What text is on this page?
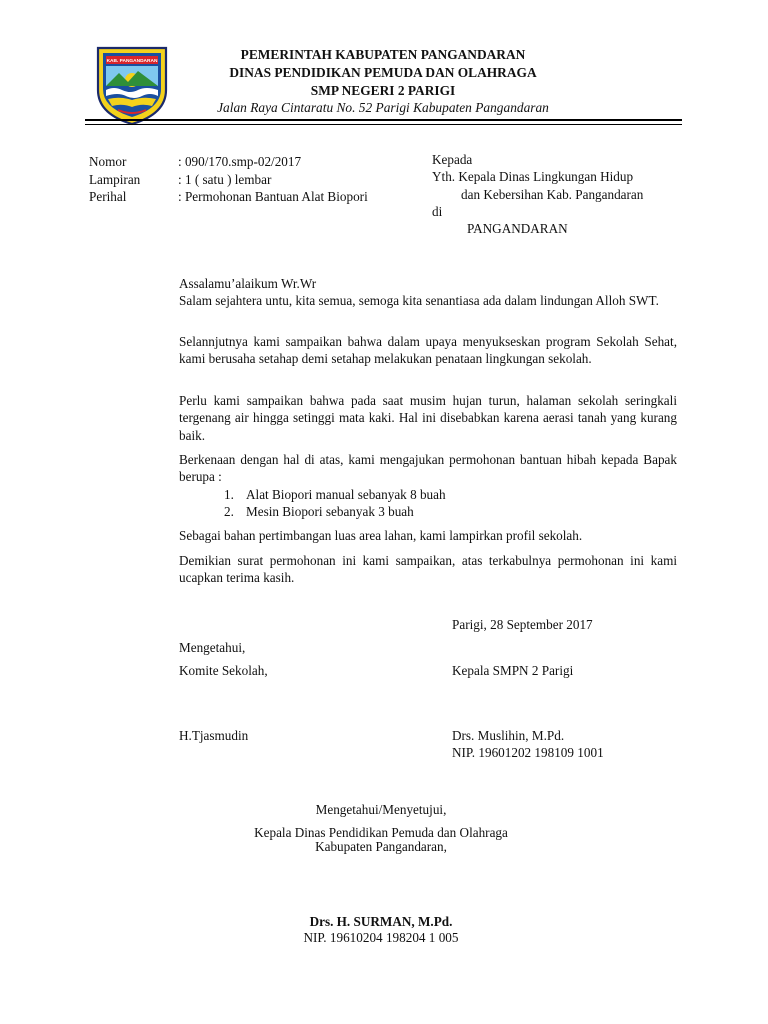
KAB. PANGANDARAN	PEMERINTAH KABUPATEN PANGANDARAN
DINAS PENDIDIKAN PEMUDA DAN OLAHRAGA
SMP NEGERI 2 PARIGI
Jalan Raya Cintaratu No. 52 Parigi Kabupaten Pangandaran
Nomor	: 090/170.smp-02/2017
Lampiran	: 1 ( satu ) lembar
Perihal	: Permohonan Bantuan Alat Biopori
Kepada
Yth. Kepala Dinas Lingkungan Hidup
dan Kebersihan Kab. Pangandaran
di
PANGANDARAN
Assalamu’alaikum Wr.Wr
Salam sejahtera untu, kita semua, semoga kita senantiasa ada dalam lindungan Alloh SWT.
Selannjutnya kami sampaikan bahwa dalam upaya menyukseskan program Sekolah Sehat, kami berusaha setahap demi setahap melakukan penataan lingkungan sekolah.
Perlu kami sampaikan bahwa pada saat musim hujan turun, halaman sekolah seringkali tergenang air hingga setinggi mata kaki. Hal ini disebabkan karena aerasi tanah yang kurang baik.
Berkenaan dengan hal di atas, kami mengajukan permohonan bantuan hibah kepada Bapak berupa :
1. Alat Biopori manual sebanyak 8 buah
2. Mesin Biopori sebanyak 3 buah
Sebagai bahan pertimbangan luas area lahan, kami lampirkan profil sekolah.
Demikian surat permohonan ini kami sampaikan, atas terkabulnya permohonan ini kami ucapkan terima kasih.
Parigi, 28 September 2017
Mengetahui,
Komite Sekolah,	Kepala SMPN 2 Parigi
H.Tjasmudin	Drs. Muslihin, M.Pd.
NIP. 19601202 198109 1001
Mengetahui/Menyetujui,
Kepala Dinas Pendidikan Pemuda dan Olahraga
Kabupaten Pangandaran,
Drs. H. SURMAN, M.Pd.
NIP. 19610204 198204 1 005
